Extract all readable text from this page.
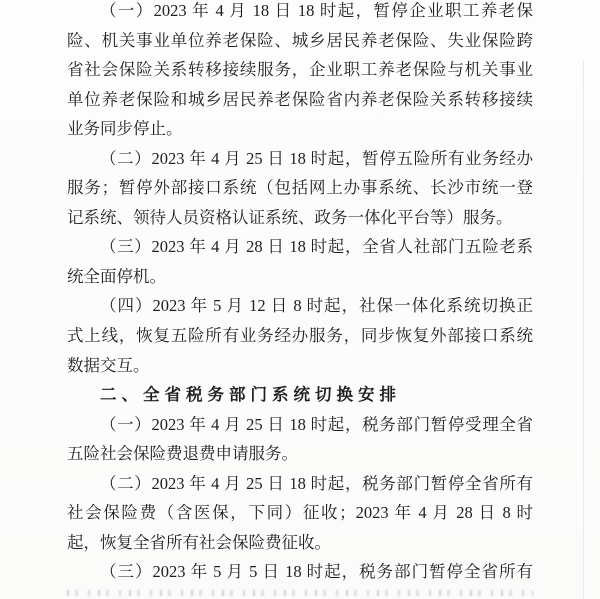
（一）2023 年 4 月 18 日 18 时起，暂停企业职工养老保
险、机关事业单位养老保险、城乡居民养老保险、失业保险跨
省社会保险关系转移接续服务，企业职工养老保险与机关事业
单位养老保险和城乡居民养老保险省内养老保险关系转移接续
业务同步停止。
（二）2023 年 4 月 25 日 18 时起，暂停五险所有业务经办
服务；暂停外部接口系统（包括网上办事系统、长沙市统一登
记系统、领待人员资格认证系统、政务一体化平台等）服务。
（三）2023 年 4 月 28 日 18 时起，全省人社部门五险老系
统全面停机。
（四）2023 年 5 月 12 日 8 时起，社保一体化系统切换正
式上线，恢复五险所有业务经办服务，同步恢复外部接口系统
数据交互。
二、全省税务部门系统切换安排
（一）2023 年 4 月 25 日 18 时起，税务部门暂停受理全省
五险社会保险费退费申请服务。
（二）2023 年 4 月 25 日 18 时起，税务部门暂停全省所有
社会保险费（含医保，下同）征收；2023 年 4 月 28 日 8 时
起，恢复全省所有社会保险费征收。
（三）2023 年 5 月 5 日 18 时起，税务部门暂停全省所有
